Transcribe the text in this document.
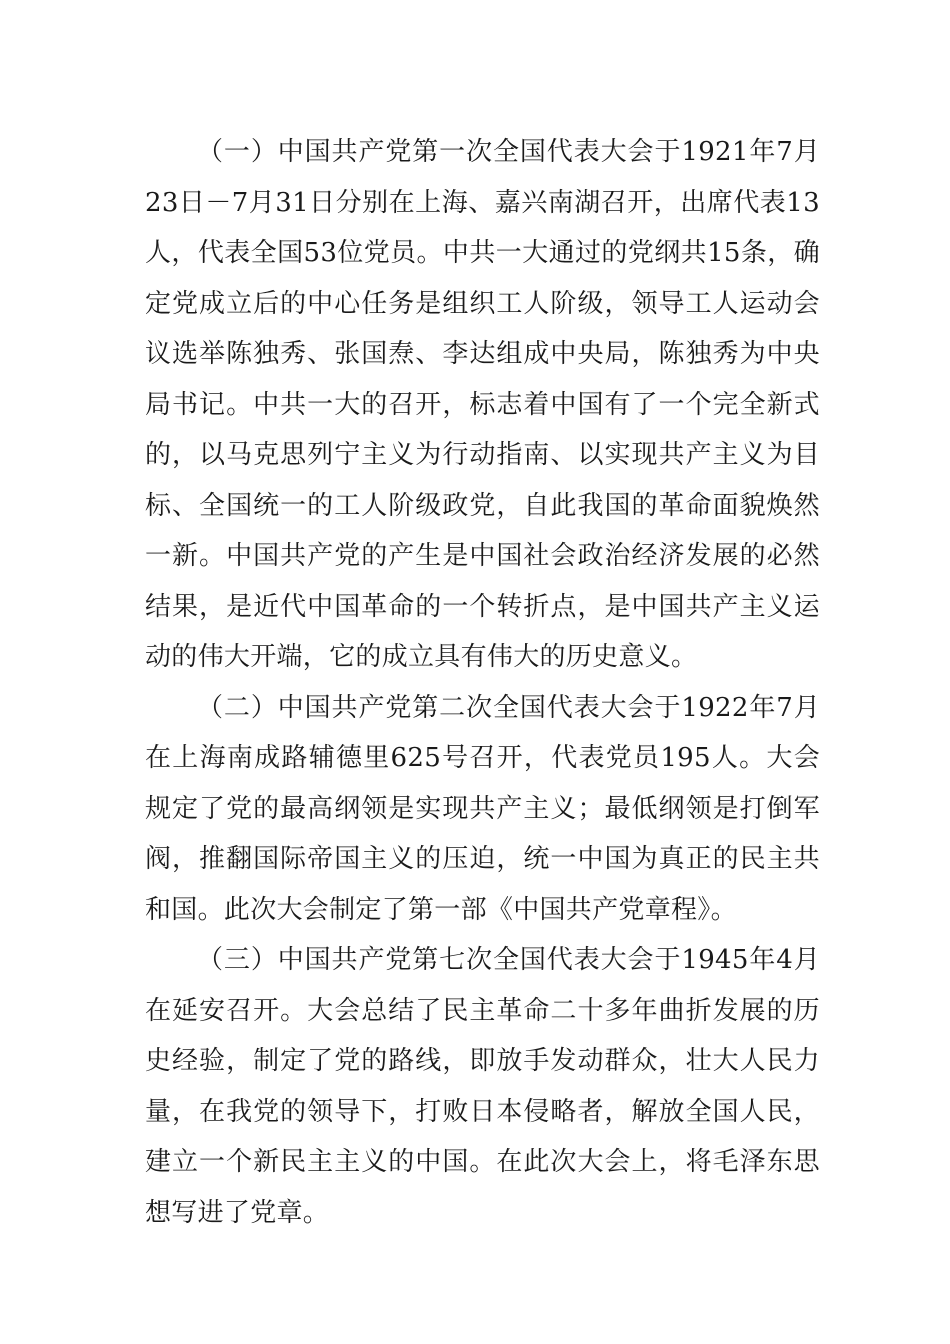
（一）中国共产党第一次全国代表大会于1921年7月23日－7月31日分别在上海、嘉兴南湖召开，出席代表13人，代表全国53位党员。中共一大通过的党纲共15条，确定党成立后的中心任务是组织工人阶级，领导工人运动会议选举陈独秀、张国焘、李达组成中央局，陈独秀为中央局书记。中共一大的召开，标志着中国有了一个完全新式的，以马克思列宁主义为行动指南、以实现共产主义为目标、全国统一的工人阶级政党，自此我国的革命面貌焕然一新。中国共产党的产生是中国社会政治经济发展的必然结果，是近代中国革命的一个转折点，是中国共产主义运动的伟大开端，它的成立具有伟大的历史意义。

（二）中国共产党第二次全国代表大会于1922年7月在上海南成路辅德里625号召开，代表党员195人。大会规定了党的最高纲领是实现共产主义；最低纲领是打倒军阀，推翻国际帝国主义的压迫，统一中国为真正的民主共和国。此次大会制定了第一部《中国共产党章程》。

（三）中国共产党第七次全国代表大会于1945年4月在延安召开。大会总结了民主革命二十多年曲折发展的历史经验，制定了党的路线，即放手发动群众，壮大人民力量，在我党的领导下，打败日本侵略者，解放全国人民，建立一个新民主主义的中国。在此次大会上，将毛泽东思想写进了党章。
